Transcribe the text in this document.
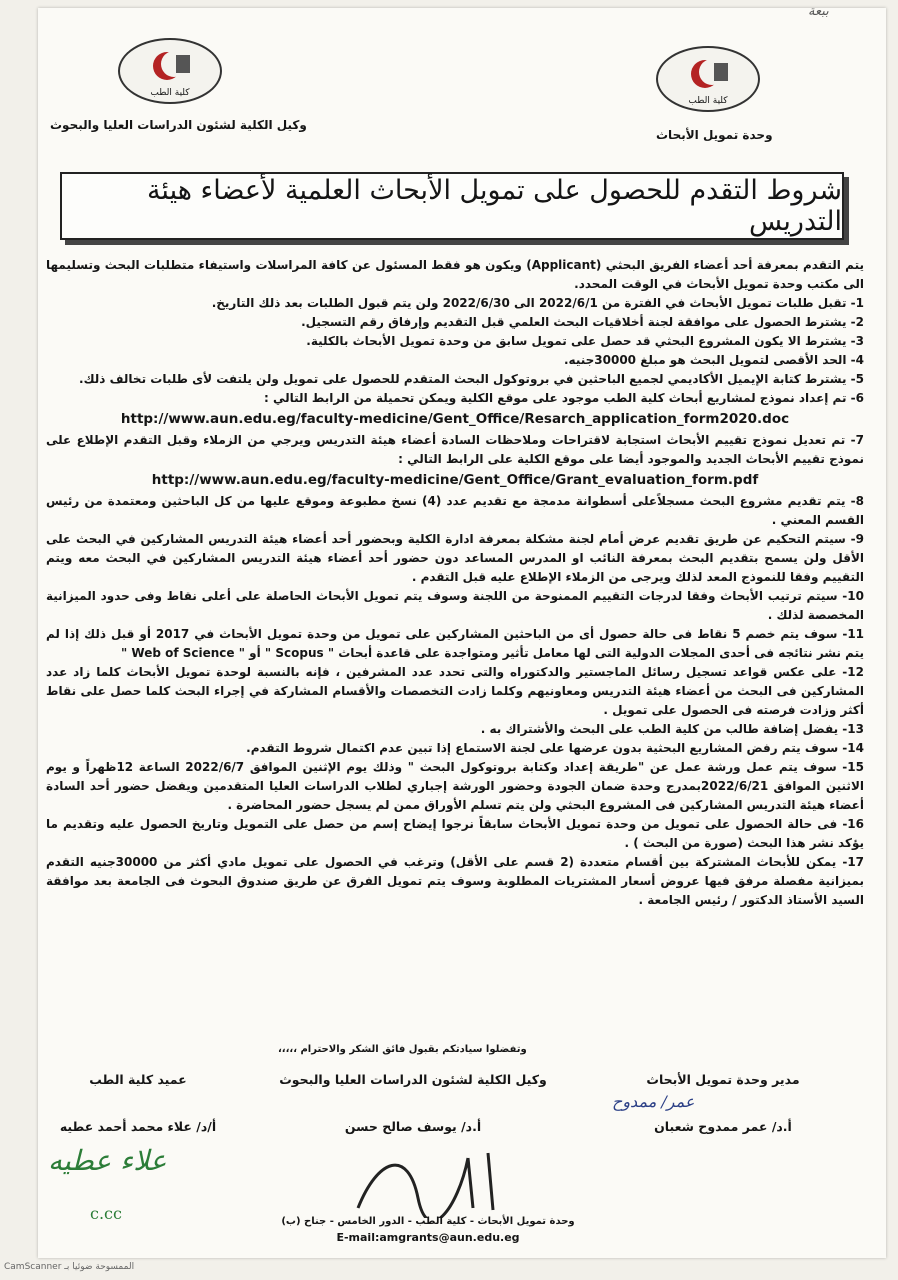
ببعة
كلية الطب
كلية الطب
وكيل الكلية لشئون الدراسات العليا والبحوث
وحدة تمويل الأبحاث
شروط التقدم للحصول على تمويل الأبحاث العلمية لأعضاء هيئة التدريس

يتم التقدم بمعرفة أحد أعضاء الفريق البحثي (Applicant) ويكون هو فقط المسئول عن كافة المراسلات واستيفاء متطلبات البحث وتسليمها الى مكتب وحدة تمويل الأبحاث في الوقت المحدد.

1- تقبل طلبات تمويل الأبحاث في الفترة من 2022/6/1 الى 2022/6/30 ولن يتم قبول الطلبات بعد ذلك التاريخ.

2- يشترط الحصول على موافقة لجنة أخلاقيات البحث العلمي قبل التقديم وإرفاق رقم التسجيل.

3- يشترط الا يكون المشروع البحثي قد حصل على تمويل سابق من وحدة تمويل الأبحاث بالكلية.

4- الحد الأقصى لتمويل البحث هو مبلغ 30000جنيه.

5- يشترط كتابة الإيميل الأكاديمي لجميع الباحثين في بروتوكول البحث المتقدم للحصول على تمويل ولن يلتفت لأى طلبات تخالف ذلك.

6- تم إعداد نموذج لمشاريع أبحاث كلية الطب موجود على موقع الكلية ويمكن تحميلة من الرابط التالي :

http://www.aun.edu.eg/faculty-medicine/Gent_Office/Resarch_application_form2020.doc

7- تم تعديل نموذج تقييم الأبحاث استجابة لاقتراحات وملاحظات السادة أعضاء هيئة التدريس ويرجي من الزملاء وقبل التقدم الإطلاع على نموذج تقييم الأبحاث الجديد والموجود أيضا على موقع الكلية على الرابط التالي :

http://www.aun.edu.eg/faculty-medicine/Gent_Office/Grant_evaluation_form.pdf

8- يتم تقديم مشروع البحث مسجلاًعلى أسطوانة مدمجة مع تقديم عدد (4) نسخ مطبوعة وموقع عليها من كل الباحثين ومعتمدة من رئيس القسم المعني .

9- سيتم التحكيم عن طريق تقديم عرض أمام لجنة مشكلة بمعرفة ادارة الكلية وبحضور أحد أعضاء هيئة التدريس المشاركين في البحث على الأقل ولن يسمح بتقديم البحث بمعرفة النائب او المدرس المساعد دون حضور أحد أعضاء هيئة التدريس المشاركين في البحث معه ويتم التقييم وفقا للنموذج المعد لذلك ويرجى من الزملاء الإطلاع عليه قبل التقدم .

10- سيتم ترتيب الأبحاث وفقا لدرجات التقييم الممنوحة من اللجنة وسوف يتم تمويل الأبحاث الحاصلة على أعلى نقاط وفى حدود الميزانية المخصصة لذلك .

11- سوف يتم خصم 5 نقاط فى حالة حصول أى من الباحثين المشاركين على تمويل من وحدة تمويل الأبحاث في 2017 أو قبل ذلك إذا لم يتم نشر نتائجه فى أحدى المجلات الدولية التى لها معامل تأثير ومتواجدة على قاعدة أبحاث " Scopus " أو " Web of Science "

12- على عكس قواعد تسجيل رسائل الماجستير والدكتوراه والتى تحدد عدد المشرفين ، فإنه بالنسبة لوحدة تمويل الأبحاث كلما زاد عدد المشاركين فى البحث من أعضاء هيئة التدريس ومعاونيهم وكلما زادت التخصصات والأقسام المشاركة في إجراء البحث كلما حصل على نقاط أكثر وزادت فرصته فى الحصول على تمويل .

13- يفضل إضافة طالب من كلية الطب على البحث والأشتراك به .

14- سوف يتم رفض المشاريع البحثية بدون عرضها على لجنة الاستماع إذا تبين عدم اكتمال شروط التقدم.

15- سوف يتم عمل ورشة عمل عن "طريقة إعداد وكتابة بروتوكول البحث " وذلك يوم الإثنين الموافق 2022/6/7 الساعة 12ظهراً و يوم الاثنين الموافق 2022/6/21بمدرج وحدة ضمان الجودة وحضور الورشة إجباري لطلاب الدراسات العليا المتقدمين ويفضل حضور أحد السادة أعضاء هيئة التدريس المشاركين فى المشروع البحثي ولن يتم تسلم الأوراق ممن لم يسجل حضور المحاضرة .

16- فى حالة الحصول على تمويل من وحدة تمويل الأبحاث سابقاً نرجوا إيضاح إسم من حصل على التمويل وتاريخ الحصول عليه وتقديم ما يؤكد نشر هذا البحث (صورة من البحث ) .

17- يمكن للأبحاث المشتركة بين أقسام متعددة (2 قسم على الأقل) وترغب في الحصول على تمويل مادي أكثر من 30000جنيه التقدم بميزانية مفصلة مرفق فيها عروض أسعار المشتريات المطلوبة وسوف يتم تمويل الفرق عن طريق صندوق البحوث فى الجامعة بعد موافقة السيد الأستاذ الدكتور / رئيس الجامعة .

وتفضلوا سيادتكم بقبول فائق الشكر والاحترام ،،،،،
مدير وحدة تمويل الأبحاث
أ.د/ عمر ممدوح شعبان
وكيل الكلية لشئون الدراسات العليا والبحوث
أ.د/ يوسف صالح حسن
عميد كلية الطب
أ/د/ علاء محمد أحمد عطيه
عمر/ ممدوح
علاء عطيه
c.cc	وحدة تمويل الأبحاث - كلية الطب - الدور الخامس - جناح (ب)
E-mail:amgrants@aun.edu.eg
CamScanner الممسوحة ضوئيا بـ
